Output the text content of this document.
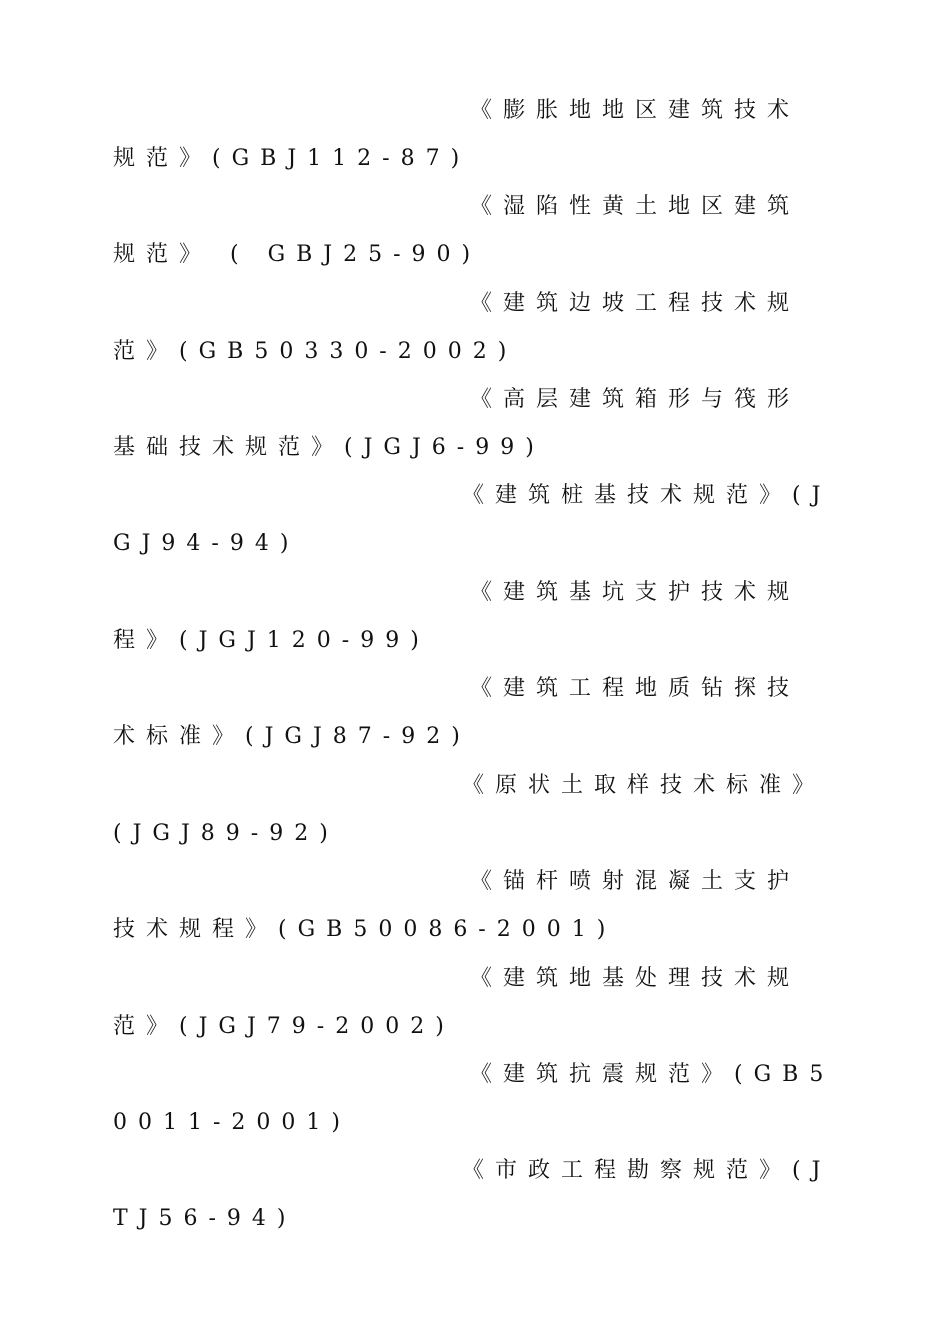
《膨胀地地区建筑技术
规范》(GBJ112-87)
《湿陷性黄土地区建筑
规范》 ( GBJ25-90)
《建筑边坡工程技术规
范》(GB50330-2002)
《高层建筑箱形与筏形
基础技术规范》(JGJ6-99)
《建筑桩基技术规范》(J
GJ94-94)
《建筑基坑支护技术规
程》(JGJ120-99)
《建筑工程地质钻探技
术标准》(JGJ87-92)
《原状土取样技术标准》
(JGJ89-92)
《锚杆喷射混凝土支护
技术规程》(GB50086-2001)
《建筑地基处理技术规
范》(JGJ79-2002)
《建筑抗震规范》(GB5
0011-2001)
《市政工程勘察规范》(J
TJ56-94)
